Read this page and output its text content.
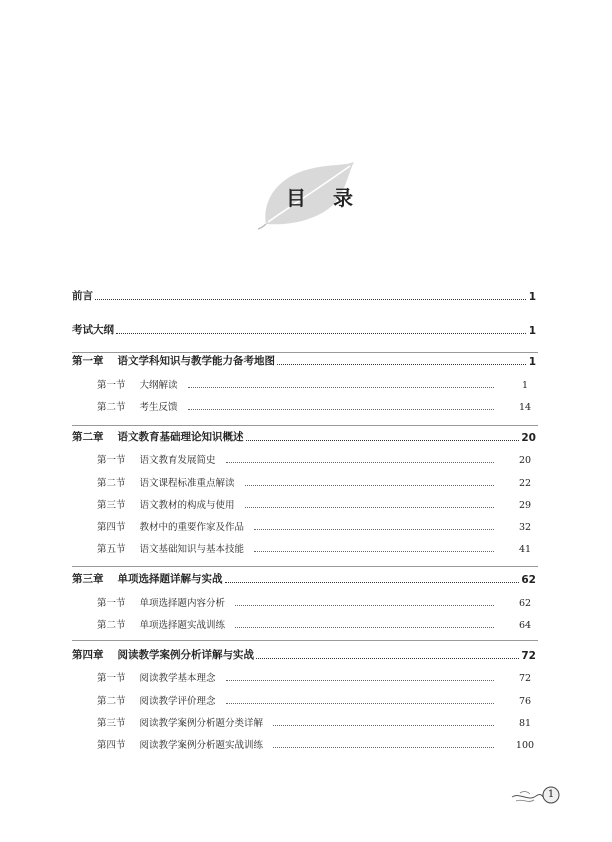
目 录
前言	1
考试大纲	1
第一章 语文学科知识与教学能力备考地图	1
第一节 大纲解读	1
第二节 考生反馈	14
第二章 语文教育基础理论知识概述	20
第一节 语文教育发展简史	20
第二节 语文课程标准重点解读	22
第三节 语文教材的构成与使用	29
第四节 教材中的重要作家及作品	32
第五节 语文基础知识与基本技能	41
第三章 单项选择题详解与实战	62
第一节 单项选择题内容分析	62
第二节 单项选择题实战训练	64
第四章 阅读教学案例分析详解与实战	72
第一节 阅读教学基本理念	72
第二节 阅读教学评价理念	76
第三节 阅读教学案例分析题分类详解	81
第四节 阅读教学案例分析题实战训练	100
1
